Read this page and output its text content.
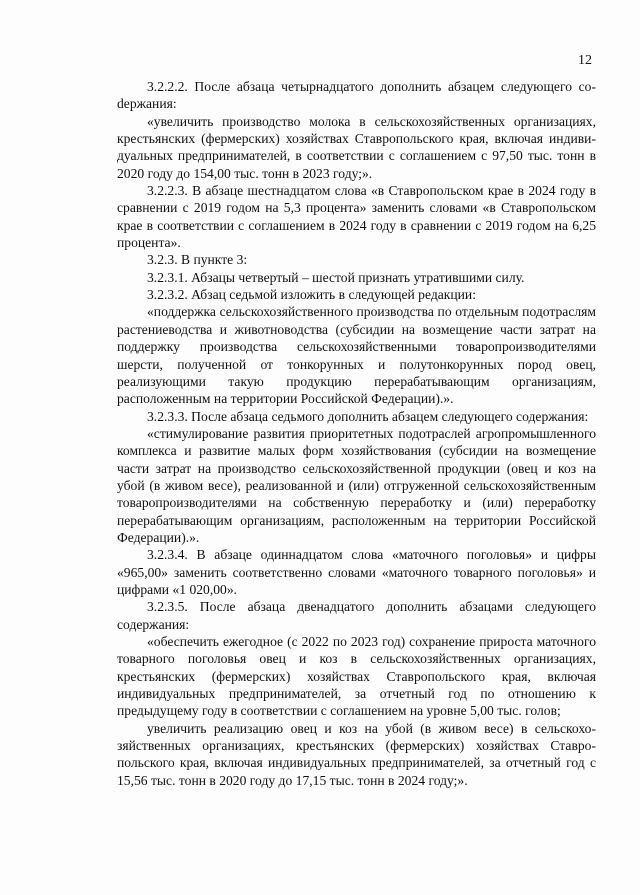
12

3.2.2.2. После абзаца четырнадцатого дополнить абзацем следующего соdержания:

«увеличить производство молока в сельскохозяйственных организациях, крестьянских (фермерских) хозяйствах Ставропольского края, включая индивидуальных предпринимателей, в соответствии с соглашением с 97,50 тыс. тонн в 2020 году до 154,00 тыс. тонн в 2023 году;».

3.2.2.3. В абзаце шестнадцатом слова «в Ставропольском крае в 2024 году в сравнении с 2019 годом на 5,3 процента» заменить словами «в Ставропольском крае в соответствии с соглашением в 2024 году в сравнении с 2019 годом на 6,25 процента».

3.2.3. В пункте 3:

3.2.3.1. Абзацы четвертый – шестой признать утратившими силу.

3.2.3.2. Абзац седьмой изложить в следующей редакции:

«поддержка сельскохозяйственного производства по отдельным подотраслям растениеводства и животноводства (субсидии на возмещение части затрат на поддержку производства сельскохозяйственными товаропроизводителями шерсти, полученной от тонкорунных и полутонкорунных пород овец, реализующими такую продукцию перерабатывающим организациям, расположенным на территории Российской Федерации).».

3.2.3.3. После абзаца седьмого дополнить абзацем следующего содержания:

«стимулирование развития приоритетных подотраслей агропромышленного комплекса и развитие малых форм хозяйствования (субсидии на возмещение части затрат на производство сельскохозяйственной продукции (овец и коз на убой (в живом весе), реализованной и (или) отгруженной сельскохозяйственным товаропроизводителями на собственную переработку и (или) переработку перерабатывающим организациям, расположенным на территории Российской Федерации).».

3.2.3.4. В абзаце одиннадцатом слова «маточного поголовья» и цифры «965,00» заменить соответственно словами «маточного товарного поголовья» и цифрами «1 020,00».

3.2.3.5. После абзаца двенадцатого дополнить абзацами следующего содержания:

«обеспечить ежегодное (с 2022 по 2023 год) сохранение прироста маточного товарного поголовья овец и коз в сельскохозяйственных организациях, крестьянских (фермерских) хозяйствах Ставропольского края, включая индивидуальных предпринимателей, за отчетный год по отношению к предыдущему году в соответствии с соглашением на уровне 5,00 тыс. голов;

увеличить реализацию овец и коз на убой (в живом весе) в сельскохозяйственных организациях, крестьянских (фермерских) хозяйствах Ставропольского края, включая индивидуальных предпринимателей, за отчетный год с 15,56 тыс. тонн в 2020 году до 17,15 тыс. тонн в 2024 году;».
